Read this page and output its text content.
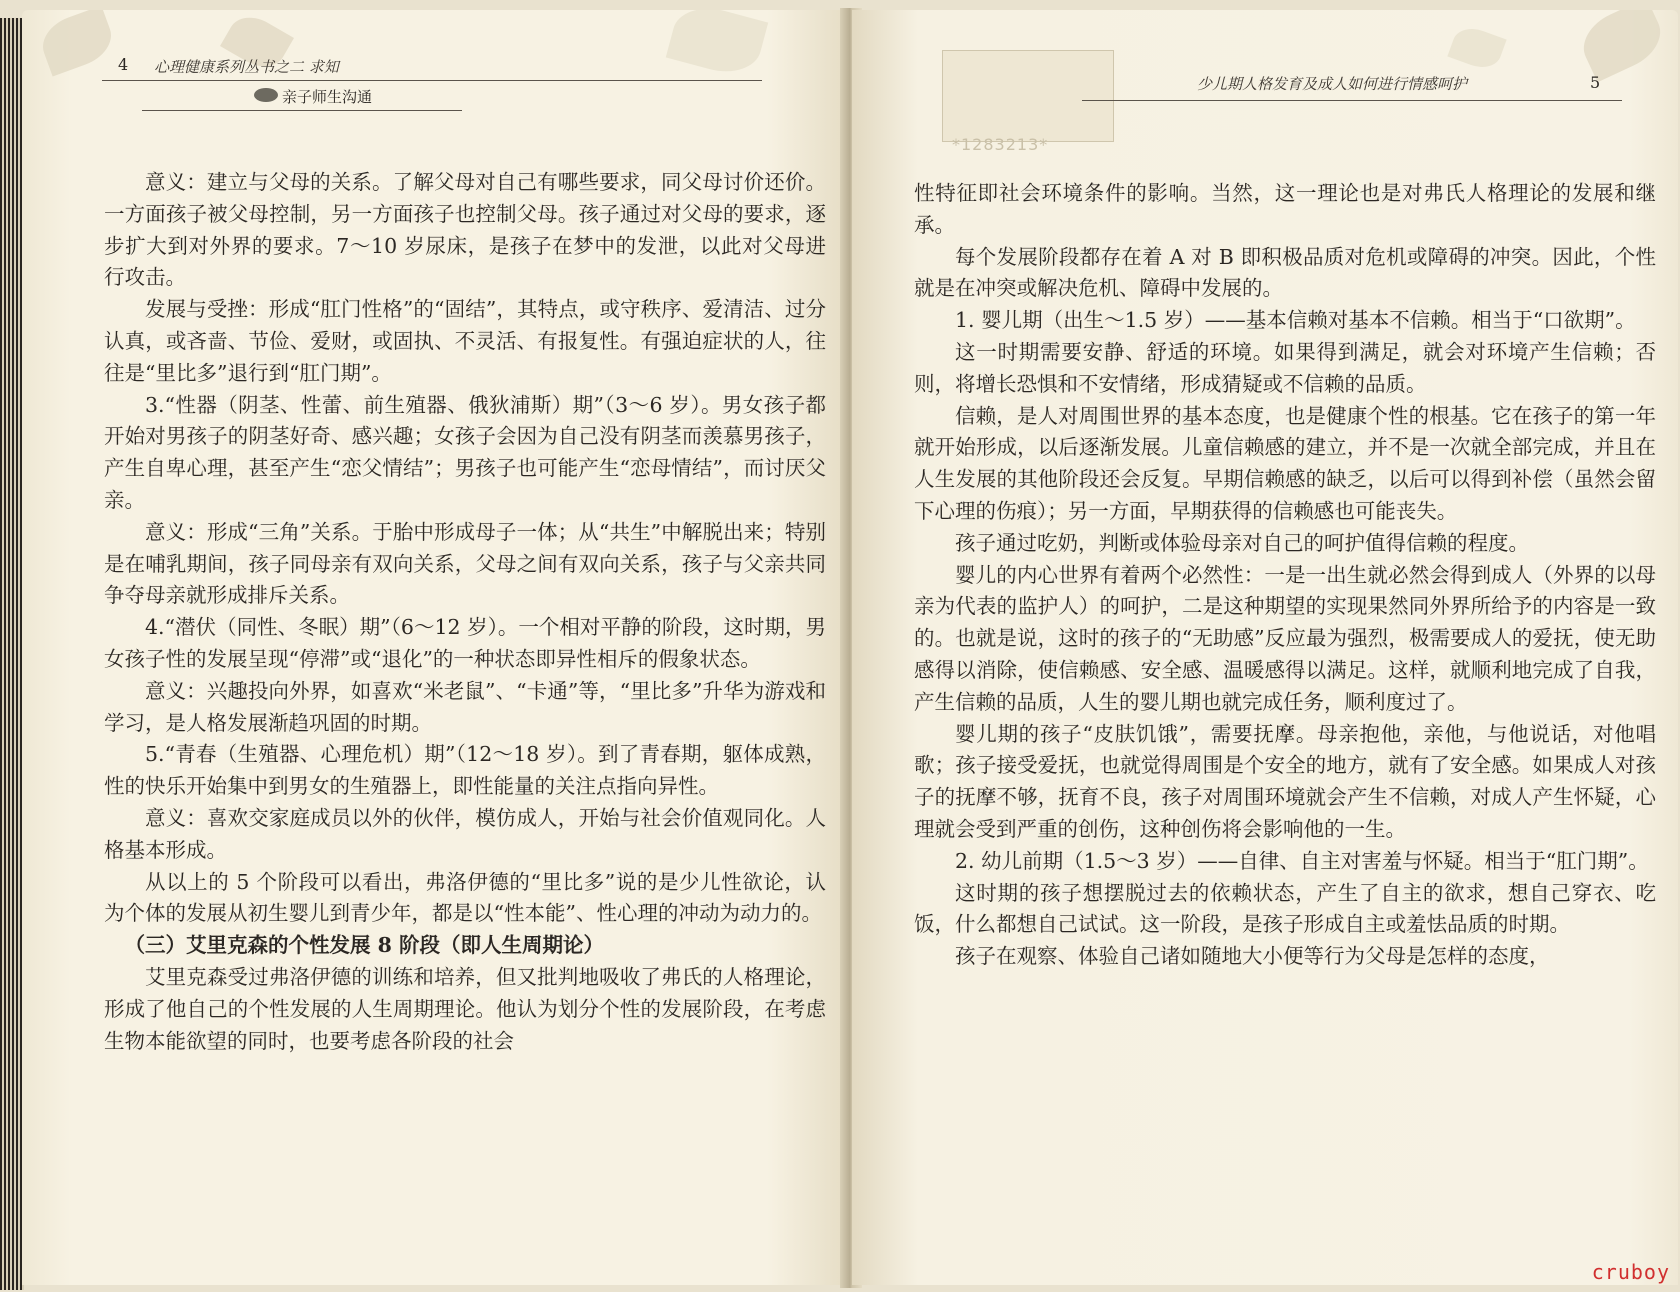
4 心理健康系列丛书之二 求知
亲子师生沟通

意义：建立与父母的关系。了解父母对自己有哪些要求，同父母讨价还价。一方面孩子被父母控制，另一方面孩子也控制父母。孩子通过对父母的要求，逐步扩大到对外界的要求。7～10 岁尿床，是孩子在梦中的发泄，以此对父母进行攻击。

发展与受挫：形成“肛门性格”的“固结”，其特点，或守秩序、爱清洁、过分认真，或吝啬、节俭、爱财，或固执、不灵活、有报复性。有强迫症状的人，往往是“里比多”退行到“肛门期”。

3.“性器（阴茎、性蕾、前生殖器、俄狄浦斯）期”（3～6 岁）。男女孩子都开始对男孩子的阴茎好奇、感兴趣；女孩子会因为自己没有阴茎而羡慕男孩子，产生自卑心理，甚至产生“恋父情结”；男孩子也可能产生“恋母情结”，而讨厌父亲。

意义：形成“三角”关系。于胎中形成母子一体；从“共生”中解脱出来；特别是在哺乳期间，孩子同母亲有双向关系，父母之间有双向关系，孩子与父亲共同争夺母亲就形成排斥关系。

4.“潜伏（同性、冬眠）期”（6～12 岁）。一个相对平静的阶段，这时期，男女孩子性的发展呈现“停滞”或“退化”的一种状态即异性相斥的假象状态。

意义：兴趣投向外界，如喜欢“米老鼠”、“卡通”等，“里比多”升华为游戏和学习，是人格发展渐趋巩固的时期。

5.“青春（生殖器、心理危机）期”（12～18 岁）。到了青春期，躯体成熟，性的快乐开始集中到男女的生殖器上，即性能量的关注点指向异性。

意义：喜欢交家庭成员以外的伙伴，模仿成人，开始与社会价值观同化。人格基本形成。

从以上的 5 个阶段可以看出，弗洛伊德的“里比多”说的是少儿性欲论，认为个体的发展从初生婴儿到青少年，都是以“性本能”、性心理的冲动为动力的。

（三）艾里克森的个性发展 8 阶段（即人生周期论）

艾里克森受过弗洛伊德的训练和培养，但又批判地吸收了弗氏的人格理论，形成了他自己的个性发展的人生周期理论。他认为划分个性的发展阶段，在考虑生物本能欲望的同时，也要考虑各阶段的社会

*1283213*
少儿期人格发育及成人如何进行情感呵护	5

性特征即社会环境条件的影响。当然，这一理论也是对弗氏人格理论的发展和继承。

每个发展阶段都存在着 A 对 B 即积极品质对危机或障碍的冲突。因此，个性就是在冲突或解决危机、障碍中发展的。

1. 婴儿期（出生～1.5 岁）——基本信赖对基本不信赖。相当于“口欲期”。

这一时期需要安静、舒适的环境。如果得到满足，就会对环境产生信赖；否则，将增长恐惧和不安情绪，形成猜疑或不信赖的品质。

信赖，是人对周围世界的基本态度，也是健康个性的根基。它在孩子的第一年就开始形成，以后逐渐发展。儿童信赖感的建立，并不是一次就全部完成，并且在人生发展的其他阶段还会反复。早期信赖感的缺乏，以后可以得到补偿（虽然会留下心理的伤痕）；另一方面，早期获得的信赖感也可能丧失。

孩子通过吃奶，判断或体验母亲对自己的呵护值得信赖的程度。

婴儿的内心世界有着两个必然性：一是一出生就必然会得到成人（外界的以母亲为代表的监护人）的呵护，二是这种期望的实现果然同外界所给予的内容是一致的。也就是说，这时的孩子的“无助感”反应最为强烈，极需要成人的爱抚，使无助感得以消除，使信赖感、安全感、温暖感得以满足。这样，就顺利地完成了自我，产生信赖的品质，人生的婴儿期也就完成任务，顺利度过了。

婴儿期的孩子“皮肤饥饿”，需要抚摩。母亲抱他，亲他，与他说话，对他唱歌；孩子接受爱抚，也就觉得周围是个安全的地方，就有了安全感。如果成人对孩子的抚摩不够，抚育不良，孩子对周围环境就会产生不信赖，对成人产生怀疑，心理就会受到严重的创伤，这种创伤将会影响他的一生。

2. 幼儿前期（1.5～3 岁）——自律、自主对害羞与怀疑。相当于“肛门期”。

这时期的孩子想摆脱过去的依赖状态，产生了自主的欲求，想自己穿衣、吃饭，什么都想自己试试。这一阶段，是孩子形成自主或羞怯品质的时期。

孩子在观察、体验自己诸如随地大小便等行为父母是怎样的态度，

cruboy
